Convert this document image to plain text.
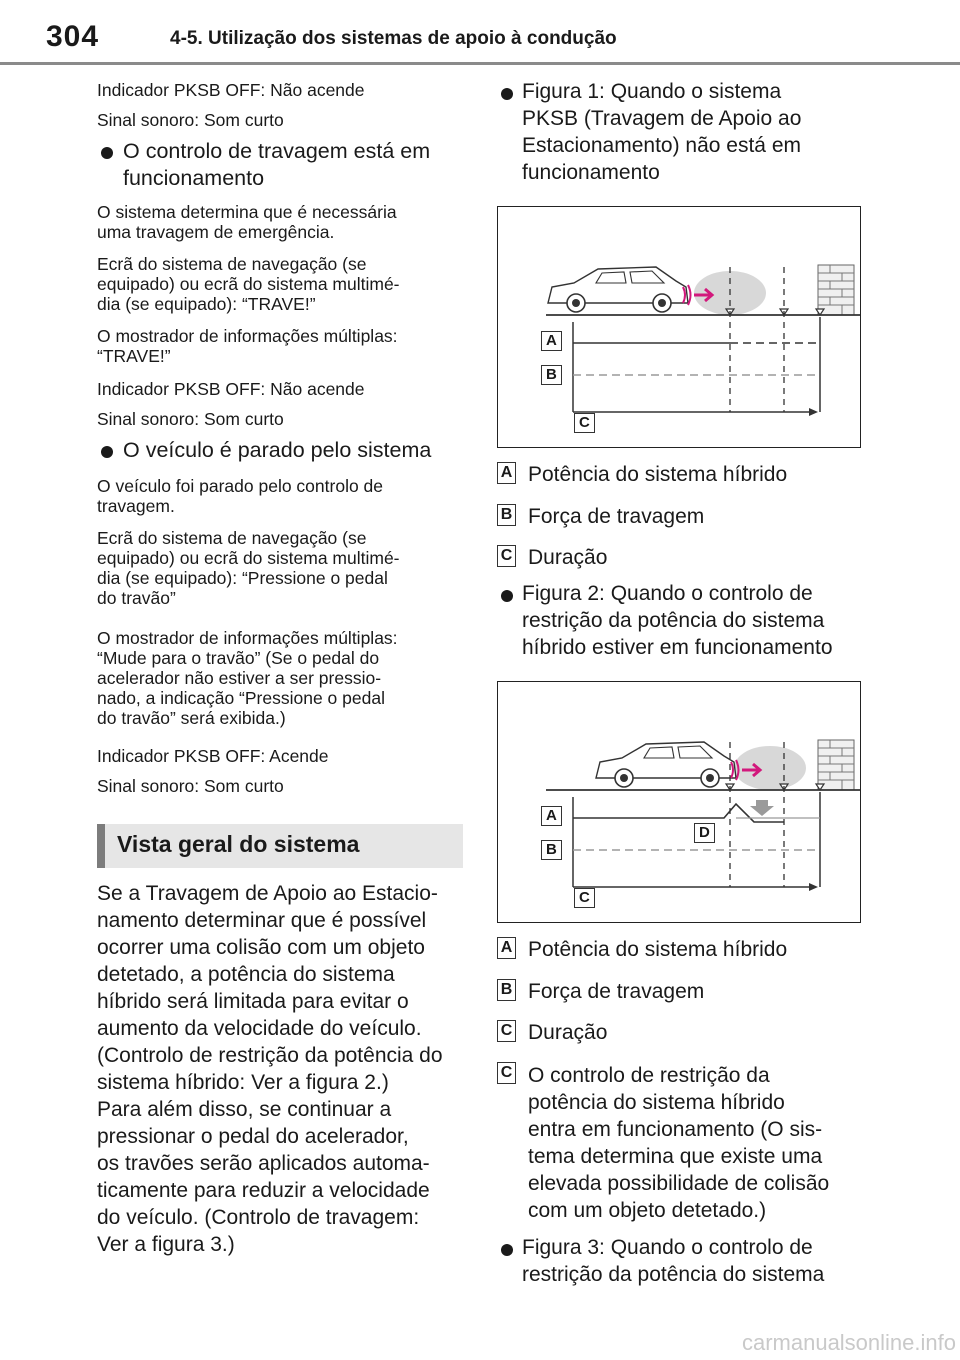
304	4-5. Utilização dos sistemas de apoio à condução
Indicador PKSB OFF: Não acende
Sinal sonoro: Som curto
O controlo de travagem está em
funcionamento
O sistema determina que é necessária
uma travagem de emergência.
Ecrã do sistema de navegação (se
equipado) ou ecrã do sistema multimé-
dia (se equipado): “TRAVE!”
O mostrador de informações múltiplas:
“TRAVE!”
Indicador PKSB OFF: Não acende
Sinal sonoro: Som curto
O veículo é parado pelo sistema
O veículo foi parado pelo controlo de
travagem.
Ecrã do sistema de navegação (se
equipado) ou ecrã do sistema multimé-
dia (se equipado): “Pressione o pedal
do travão”
O mostrador de informações múltiplas:
“Mude para o travão” (Se o pedal do
acelerador não estiver a ser pressio-
nado, a indicação “Pressione o pedal
do travão” será exibida.)
Indicador PKSB OFF: Acende
Sinal sonoro: Som curto
Vista geral do sistema
Se a Travagem de Apoio ao Estacio-
namento determinar que é possível
ocorrer uma colisão com um objeto
detetado, a potência do sistema
híbrido será limitada para evitar o
aumento da velocidade do veículo.
(Controlo de restrição da potência do
sistema híbrido: Ver a figura 2.)
Para além disso, se continuar a
pressionar o pedal do acelerador,
os travões serão aplicados automa-
ticamente para reduzir a velocidade
do veículo. (Controlo de travagem:
Ver a figura 3.)
Figura 1: Quando o sistema
PKSB (Travagem de Apoio ao
Estacionamento) não está em
funcionamento
A
B
C
A Potência do sistema híbrido
B Força de travagem
C Duração
Figura 2: Quando o controlo de
restrição da potência do sistema
híbrido estiver em funcionamento
A
B
C
D
A Potência do sistema híbrido
B Força de travagem
C Duração
C O controlo de restrição da
potência do sistema híbrido
entra em funcionamento (O sis-
tema determina que existe uma
elevada possibilidade de colisão
com um objeto detetado.)
Figura 3: Quando o controlo de
restrição da potência do sistema
carmanualsonline.info
